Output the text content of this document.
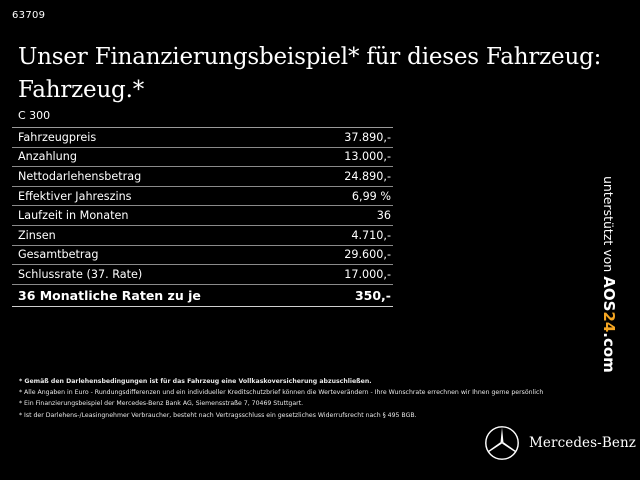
63709
Unser Finanzierungsbeispiel* für dieses Fahrzeug: Fahrzeug.*
C 300
Fahrzeugpreis	37.890,-
Anzahlung	13.000,-
Nettodarlehensbetrag	24.890,-
Effektiver Jahreszins	6,99 %
Laufzeit in Monaten	36
Zinsen	4.710,-
Gesamtbetrag	29.600,-
Schlussrate (37. Rate)	17.000,-
36 Monatliche Raten zu je	350,-
unterstützt von
AOS24.com
* Gemäß den Darlehensbedingungen ist für das Fahrzeug eine Vollkaskoversicherung abzuschließen.
* Alle Angaben in Euro - Rundungsdifferenzen und ein individueller Kreditschutzbrief können die Werteverändern - Ihre Wunschrate errechnen wir Ihnen gerne persönlich
* Ein Finanzierungsbeispiel der Mercedes-Benz Bank AG, Siemensstraße 7, 70469 Stuttgart.
* Ist der Darlehens-/Leasingnehmer Verbraucher, besteht nach Vertragsschluss ein gesetzliches Widerrufsrecht nach § 495 BGB.
Mercedes-Benz
